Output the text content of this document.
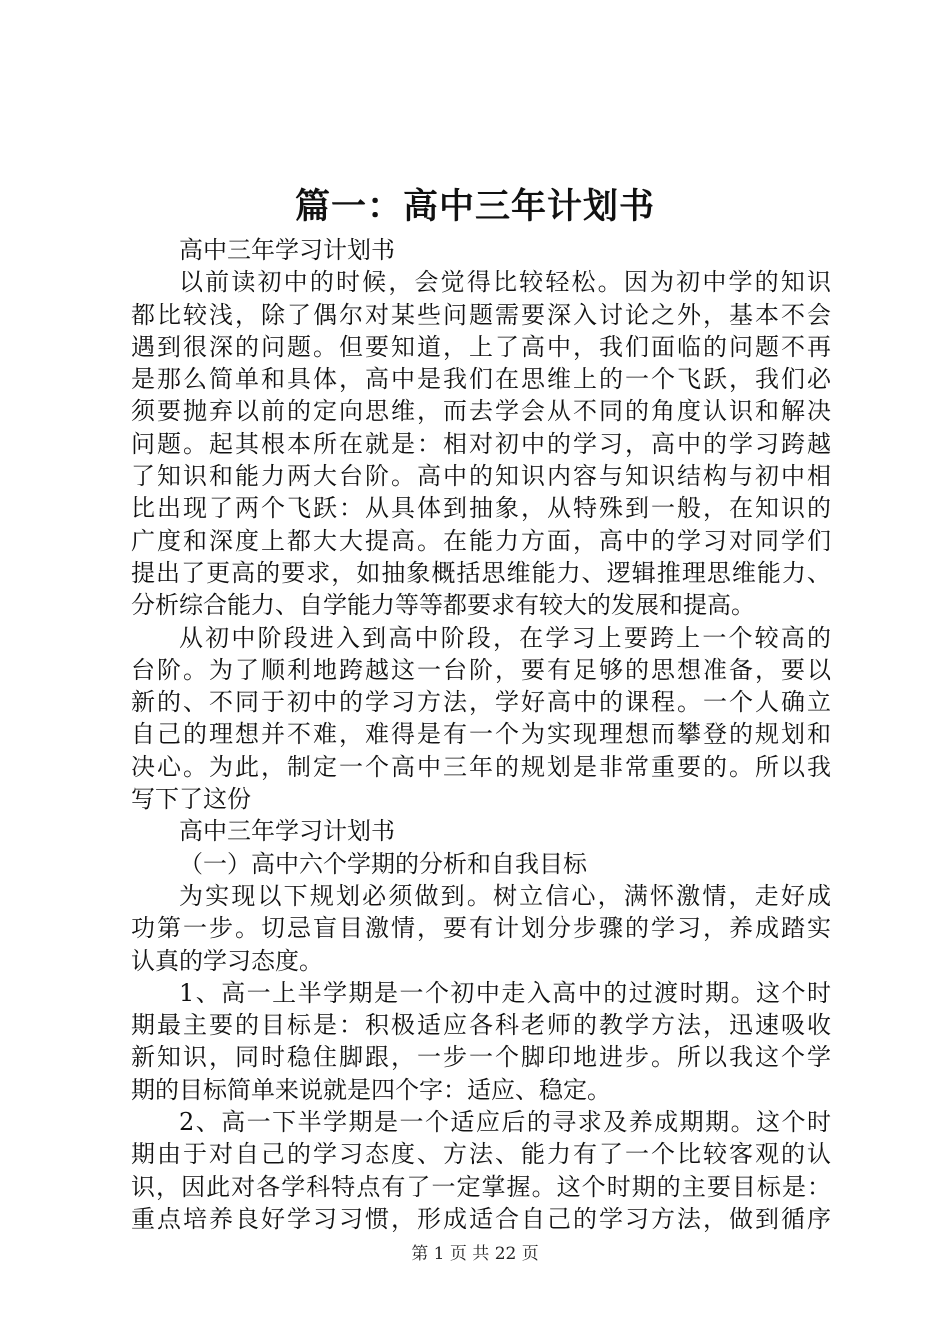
篇一：高中三年计划书
高中三年学习计划书
以前读初中的时候，会觉得比较轻松。因为初中学的知识
都比较浅，除了偶尔对某些问题需要深入讨论之外，基本不会
遇到很深的问题。但要知道，上了高中，我们面临的问题不再
是那么简单和具体，高中是我们在思维上的一个飞跃，我们必
须要抛弃以前的定向思维，而去学会从不同的角度认识和解决
问题。起其根本所在就是：相对初中的学习，高中的学习跨越
了知识和能力两大台阶。高中的知识内容与知识结构与初中相
比出现了两个飞跃：从具体到抽象，从特殊到一般，在知识的
广度和深度上都大大提高。在能力方面，高中的学习对同学们
提出了更高的要求，如抽象概括思维能力、逻辑推理思维能力、
分析综合能力、自学能力等等都要求有较大的发展和提高。
从初中阶段进入到高中阶段，在学习上要跨上一个较高的
台阶。为了顺利地跨越这一台阶，要有足够的思想准备，要以
新的、不同于初中的学习方法，学好高中的课程。一个人确立
自己的理想并不难，难得是有一个为实现理想而攀登的规划和
决心。为此，制定一个高中三年的规划是非常重要的。所以我
写下了这份
高中三年学习计划书
（一）高中六个学期的分析和自我目标
为实现以下规划必须做到。树立信心，满怀激情，走好成
功第一步。切忌盲目激情，要有计划分步骤的学习，养成踏实
认真的学习态度。
1、高一上半学期是一个初中走入高中的过渡时期。这个时
期最主要的目标是：积极适应各科老师的教学方法，迅速吸收
新知识，同时稳住脚跟，一步一个脚印地进步。所以我这个学
期的目标简单来说就是四个字：适应、稳定。
2、高一下半学期是一个适应后的寻求及养成期期。这个时
期由于对自己的学习态度、方法、能力有了一个比较客观的认
识，因此对各学科特点有了一定掌握。这个时期的主要目标是：
重点培养良好学习习惯，形成适合自己的学习方法，做到循序
第 1 页 共 22 页
